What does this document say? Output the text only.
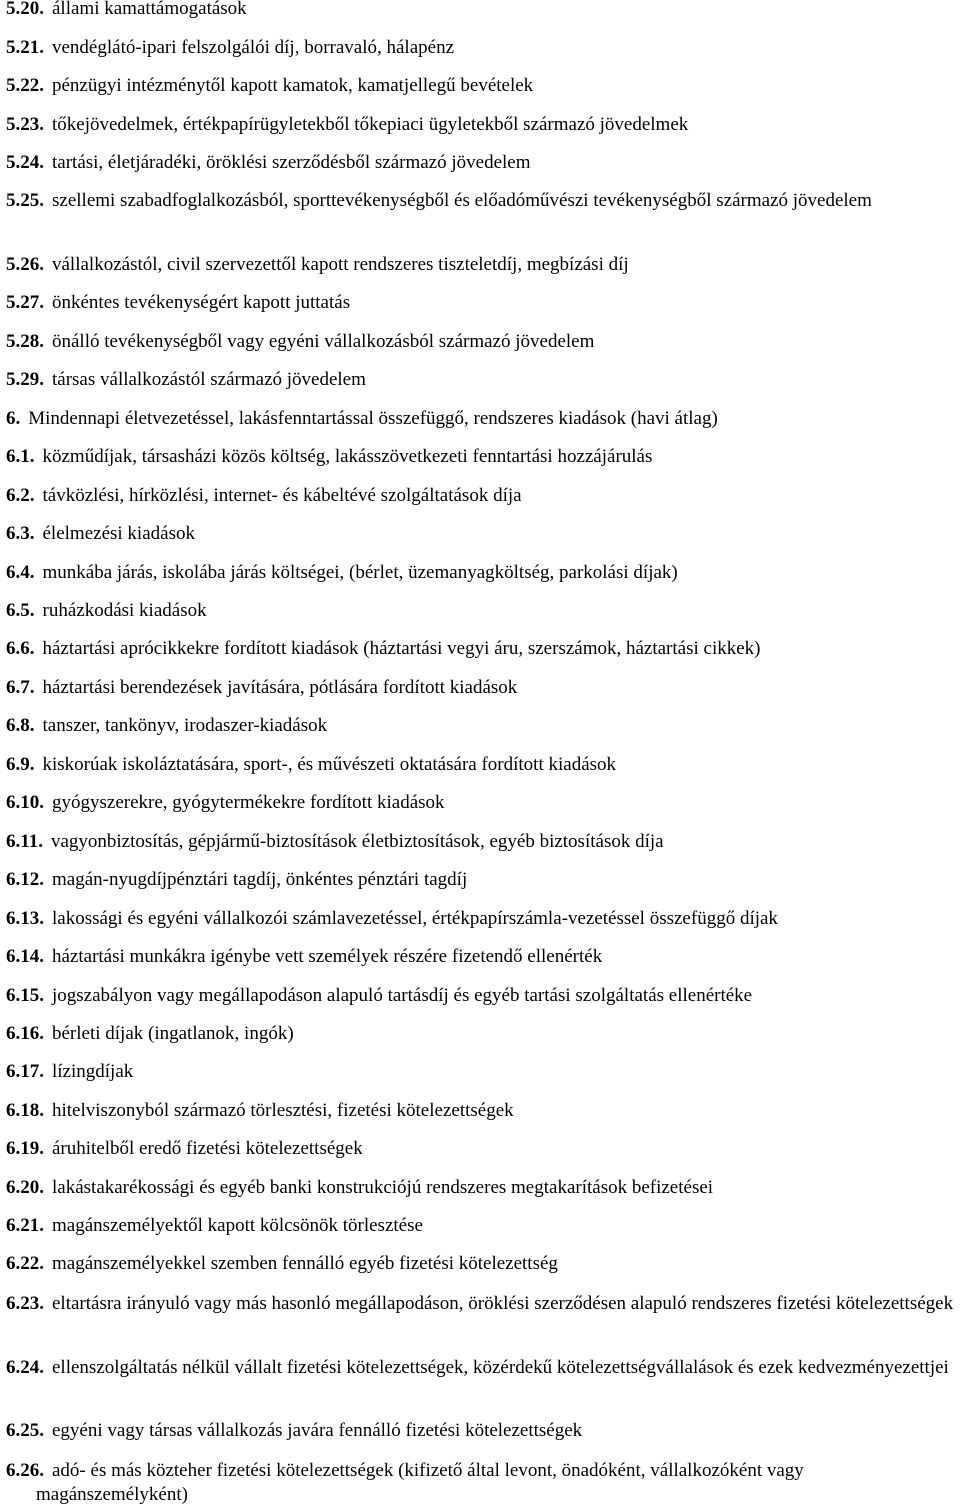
5.20. állami kamattámogatások
5.21. vendéglátó-ipari felszolgálói díj, borravaló, hálapénz
5.22. pénzügyi intézménytől kapott kamatok, kamatjellegű bevételek
5.23. tőkejövedelmek, értékpapírügyletekből tőkepiaci ügyletekből származó jövedelmek
5.24. tartási, életjáradéki, öröklési szerződésből származó jövedelem
5.25. szellemi szabadfoglalkozásból, sporttevékenységből és előadóművészi tevékenységből származó jövedelem
5.26. vállalkozástól, civil szervezettől kapott rendszeres tiszteletdíj, megbízási díj
5.27. önkéntes tevékenységért kapott juttatás
5.28. önálló tevékenységből vagy egyéni vállalkozásból származó jövedelem
5.29. társas vállalkozástól származó jövedelem
6. Mindennapi életvezetéssel, lakásfenntartással összefüggő, rendszeres kiadások (havi átlag)
6.1. közműdíjak, társasházi közös költség, lakásszövetkezeti fenntartási hozzájárulás
6.2. távközlési, hírközlési, internet- és kábeltévé szolgáltatások díja
6.3. élelmezési kiadások
6.4. munkába járás, iskolába járás költségei, (bérlet, üzemanyagköltség, parkolási díjak)
6.5. ruházkodási kiadások
6.6. háztartási aprócikkekre fordított kiadások (háztartási vegyi áru, szerszámok, háztartási cikkek)
6.7. háztartási berendezések javítására, pótlására fordított kiadások
6.8. tanszer, tankönyv, irodaszer-kiadások
6.9. kiskorúak iskoláztatására, sport-, és művészeti oktatására fordított kiadások
6.10. gyógyszerekre, gyógytermékekre fordított kiadások
6.11. vagyonbiztosítás, gépjármű-biztosítások életbiztosítások, egyéb biztosítások díja
6.12. magán-nyugdíjpénztári tagdíj, önkéntes pénztári tagdíj
6.13. lakossági és egyéni vállalkozói számlavezetéssel, értékpapírszámla-vezetéssel összefüggő díjak
6.14. háztartási munkákra igénybe vett személyek részére fizetendő ellenérték
6.15. jogszabályon vagy megállapodáson alapuló tartásdíj és egyéb tartási szolgáltatás ellenértéke
6.16. bérleti díjak (ingatlanok, ingók)
6.17. lízingdíjak
6.18. hitelviszonyból származó törlesztési, fizetési kötelezettségek
6.19. áruhitelből eredő fizetési kötelezettségek
6.20. lakástakarékossági és egyéb banki konstrukciójú rendszeres megtakarítások befizetései
6.21. magánszemélyektől kapott kölcsönök törlesztése
6.22. magánszemélyekkel szemben fennálló egyéb fizetési kötelezettség
6.23. eltartásra irányuló vagy más hasonló megállapodáson, öröklési szerződésen alapuló rendszeres fizetési kötelezettségek
6.24. ellenszolgáltatás nélkül vállalt fizetési kötelezettségek, közérdekű kötelezettségvállalások és ezek kedvezményezettjei
6.25. egyéni vagy társas vállalkozás javára fennálló fizetési kötelezettségek
6.26. adó- és más közteher fizetési kötelezettségek (kifizető által levont, önadóként, vállalkozóként vagy magánszemélyként)
